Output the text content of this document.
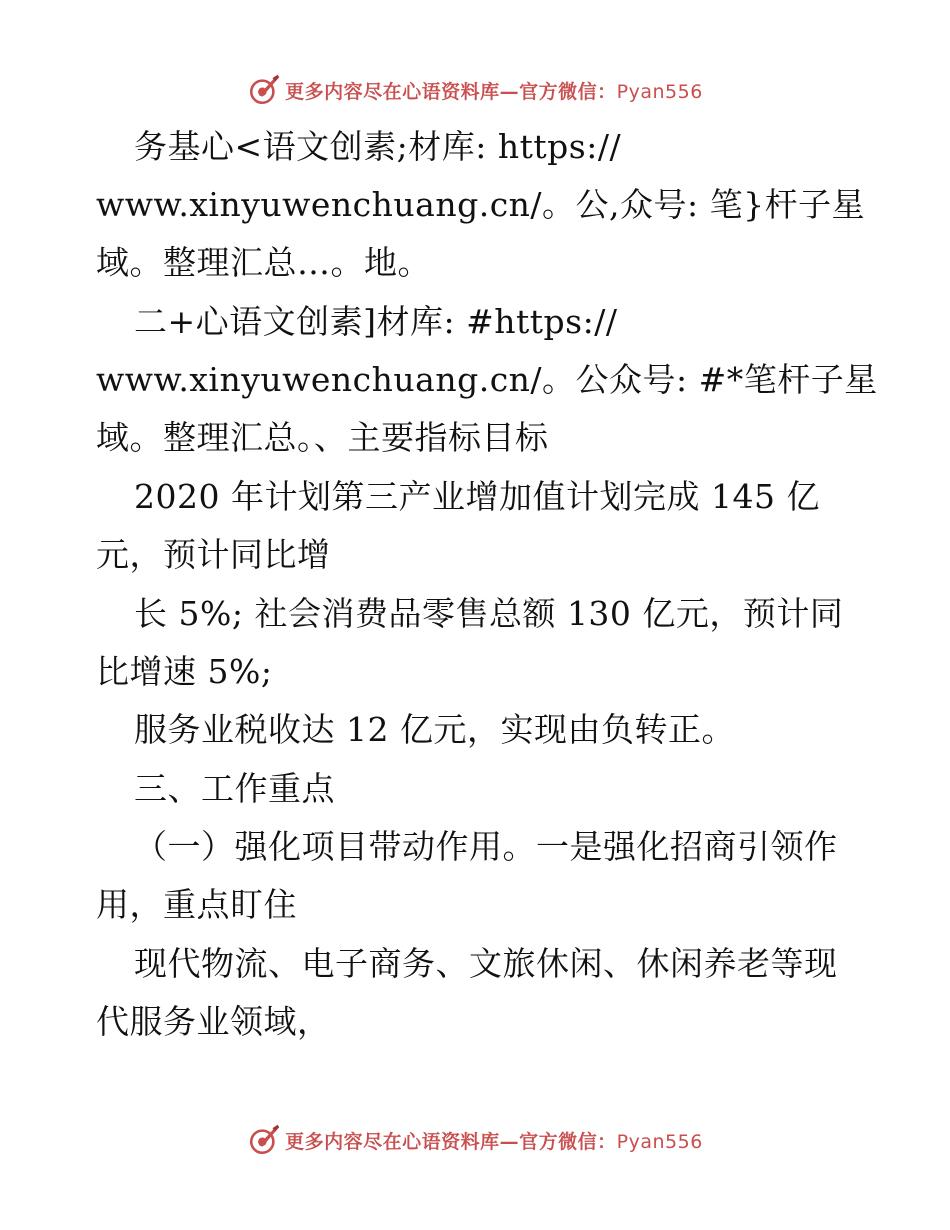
更多内容尽在心语资料库—官方微信：Pyan556
务基心<语文创素;材库: https://
www.xinyuwenchuang.cn/。公,众号: 笔}杆子星
域。整理汇总…。地。
二+心语文创素]材库: #https://
www.xinyuwenchuang.cn/。公众号: #*笔杆子星
域。整理汇总。、主要指标目标
2020 年计划第三产业增加值计划完成 145 亿
元，预计同比增
长 5%; 社会消费品零售总额 130 亿元，预计同
比增速 5%;
服务业税收达 12 亿元，实现由负转正。
三、工作重点
（一）强化项目带动作用。一是强化招商引领作
用，重点盯住
现代物流、电子商务、文旅休闲、休闲养老等现
代服务业领域，
更多内容尽在心语资料库—官方微信：Pyan556
